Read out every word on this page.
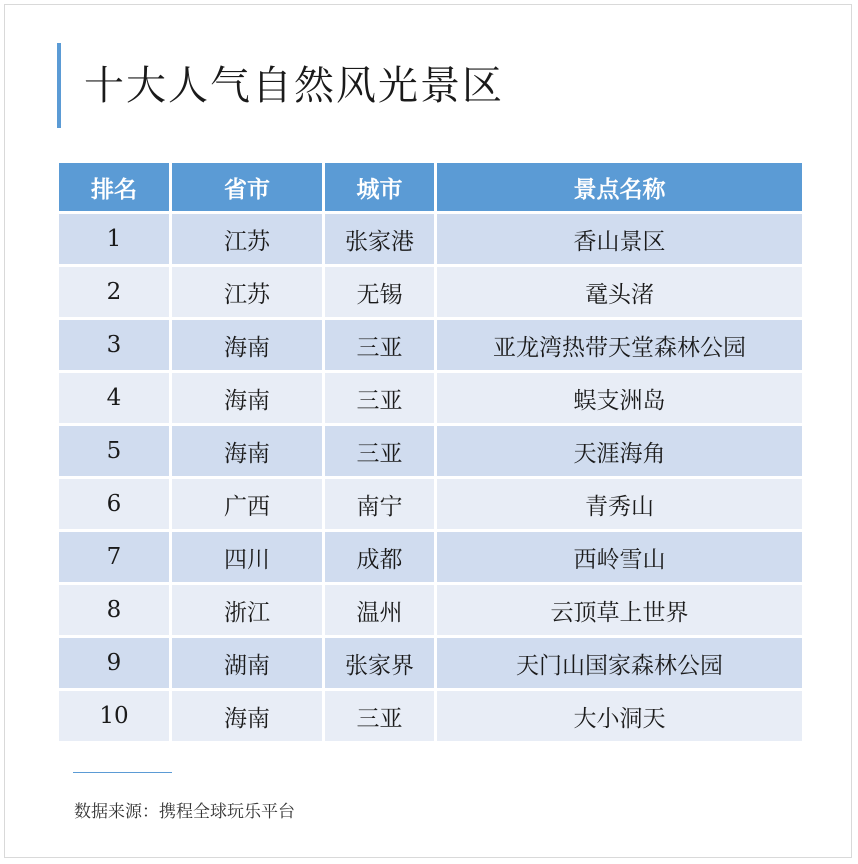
十大人气自然风光景区
排名	省市	城市	景点名称
1	江苏	张家港	香山景区
2	江苏	无锡	鼋头渚
3	海南	三亚	亚龙湾热带天堂森林公园
4	海南	三亚	蜈支洲岛
5	海南	三亚	天涯海角
6	广西	南宁	青秀山
7	四川	成都	西岭雪山
8	浙江	温州	云顶草上世界
9	湖南	张家界	天门山国家森林公园
10	海南	三亚	大小洞天
数据来源：携程全球玩乐平台
